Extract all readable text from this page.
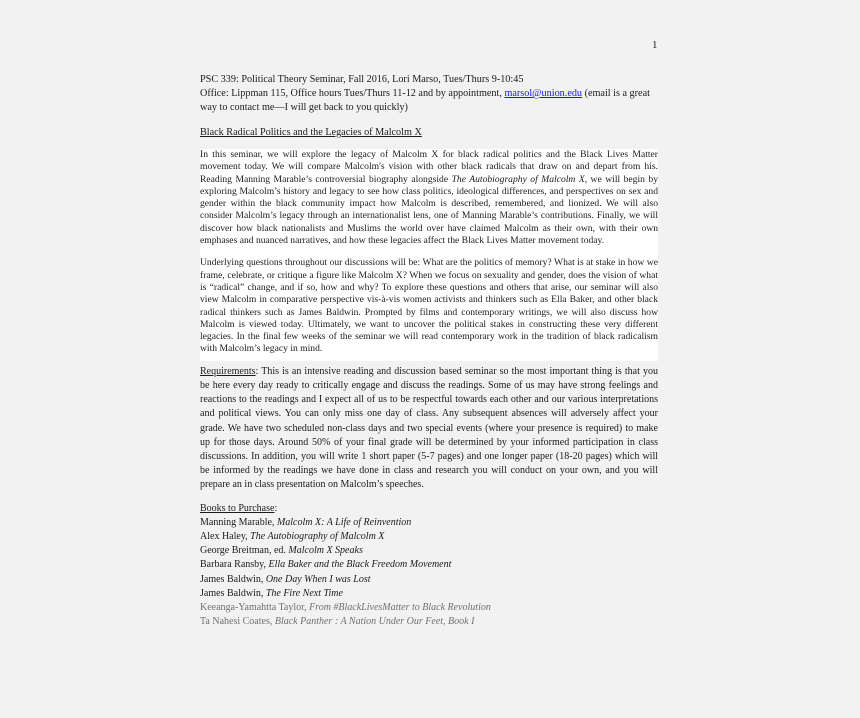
1

PSC 339: Political Theory Seminar, Fall 2016, Lori Marso, Tues/Thurs 9-10:45

Office: Lippman 115, Office hours Tues/Thurs 11-12 and by appointment, marsol@union.edu (email is a great way to contact me—I will get back to you quickly)

Black Radical Politics and the Legacies of Malcolm X

In this seminar, we will explore the legacy of Malcolm X for black radical politics and the Black Lives Matter movement today. We will compare Malcolm's vision with other black radicals that draw on and depart from his. Reading Manning Marable’s controversial biography alongside The Autobiography of Malcolm X, we will begin by exploring Malcolm’s history and legacy to see how class politics, ideological differences, and perspectives on sex and gender within the black community impact how Malcolm is described, remembered, and lionized. We will also consider Malcolm’s legacy through an internationalist lens, one of Manning Marable’s contributions. Finally, we will discover how black nationalists and Muslims the world over have claimed Malcolm as their own, with their own emphases and nuanced narratives, and how these legacies affect the Black Lives Matter movement today.

Underlying questions throughout our discussions will be: What are the politics of memory? What is at stake in how we frame, celebrate, or critique a figure like Malcolm X? When we focus on sexuality and gender, does the vision of what is “radical” change, and if so, how and why? To explore these questions and others that arise, our seminar will also view Malcolm in comparative perspective vis-à-vis women activists and thinkers such as Ella Baker, and other black radical thinkers such as James Baldwin. Prompted by films and contemporary writings, we will also discuss how Malcolm is viewed today. Ultimately, we want to uncover the political stakes in constructing these very different legacies. In the final few weeks of the seminar we will read contemporary work in the tradition of black radicalism with Malcolm’s legacy in mind.

Requirements: This is an intensive reading and discussion based seminar so the most important thing is that you be here every day ready to critically engage and discuss the readings. Some of us may have strong feelings and reactions to the readings and I expect all of us to be respectful towards each other and our various interpretations and political views. You can only miss one day of class. Any subsequent absences will adversely affect your grade. We have two scheduled non-class days and two special events (where your presence is required) to make up for those days. Around 50% of your final grade will be determined by your informed participation in class discussions. In addition, you will write 1 short paper (5-7 pages) and one longer paper (18-20 pages) which will be informed by the readings we have done in class and research you will conduct on your own, and you will prepare an in class presentation on Malcolm’s speeches.

Books to Purchase:

Manning Marable, Malcolm X: A Life of Reinvention

Alex Haley, The Autobiography of Malcolm X

George Breitman, ed. Malcolm X Speaks

Barbara Ransby, Ella Baker and the Black Freedom Movement

James Baldwin, One Day When I was Lost

James Baldwin, The Fire Next Time

Keeanga-Yamahtta Taylor, From #BlackLivesMatter to Black Revolution

Ta Nahesi Coates, Black Panther : A Nation Under Our Feet, Book I
